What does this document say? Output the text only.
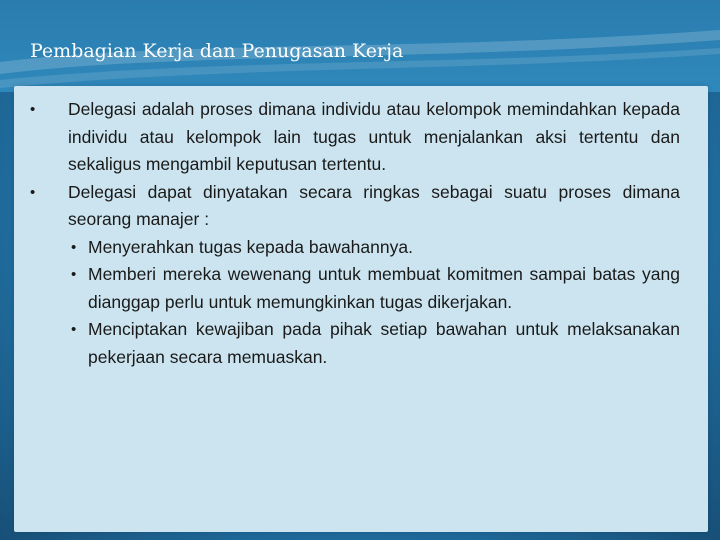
Pembagian Kerja dan Penugasan Kerja
• Delegasi adalah proses dimana individu atau kelompok memindahkan kepada individu atau kelompok lain tugas untuk menjalankan aksi tertentu dan sekaligus mengambil keputusan tertentu.
• Delegasi dapat dinyatakan secara ringkas sebagai suatu proses dimana seorang manajer :
• Menyerahkan tugas kepada bawahannya.
• Memberi mereka wewenang untuk membuat komitmen sampai batas yang dianggap perlu untuk memungkinkan tugas dikerjakan.
• Menciptakan kewajiban pada pihak setiap bawahan untuk melaksanakan pekerjaan secara memuaskan.
